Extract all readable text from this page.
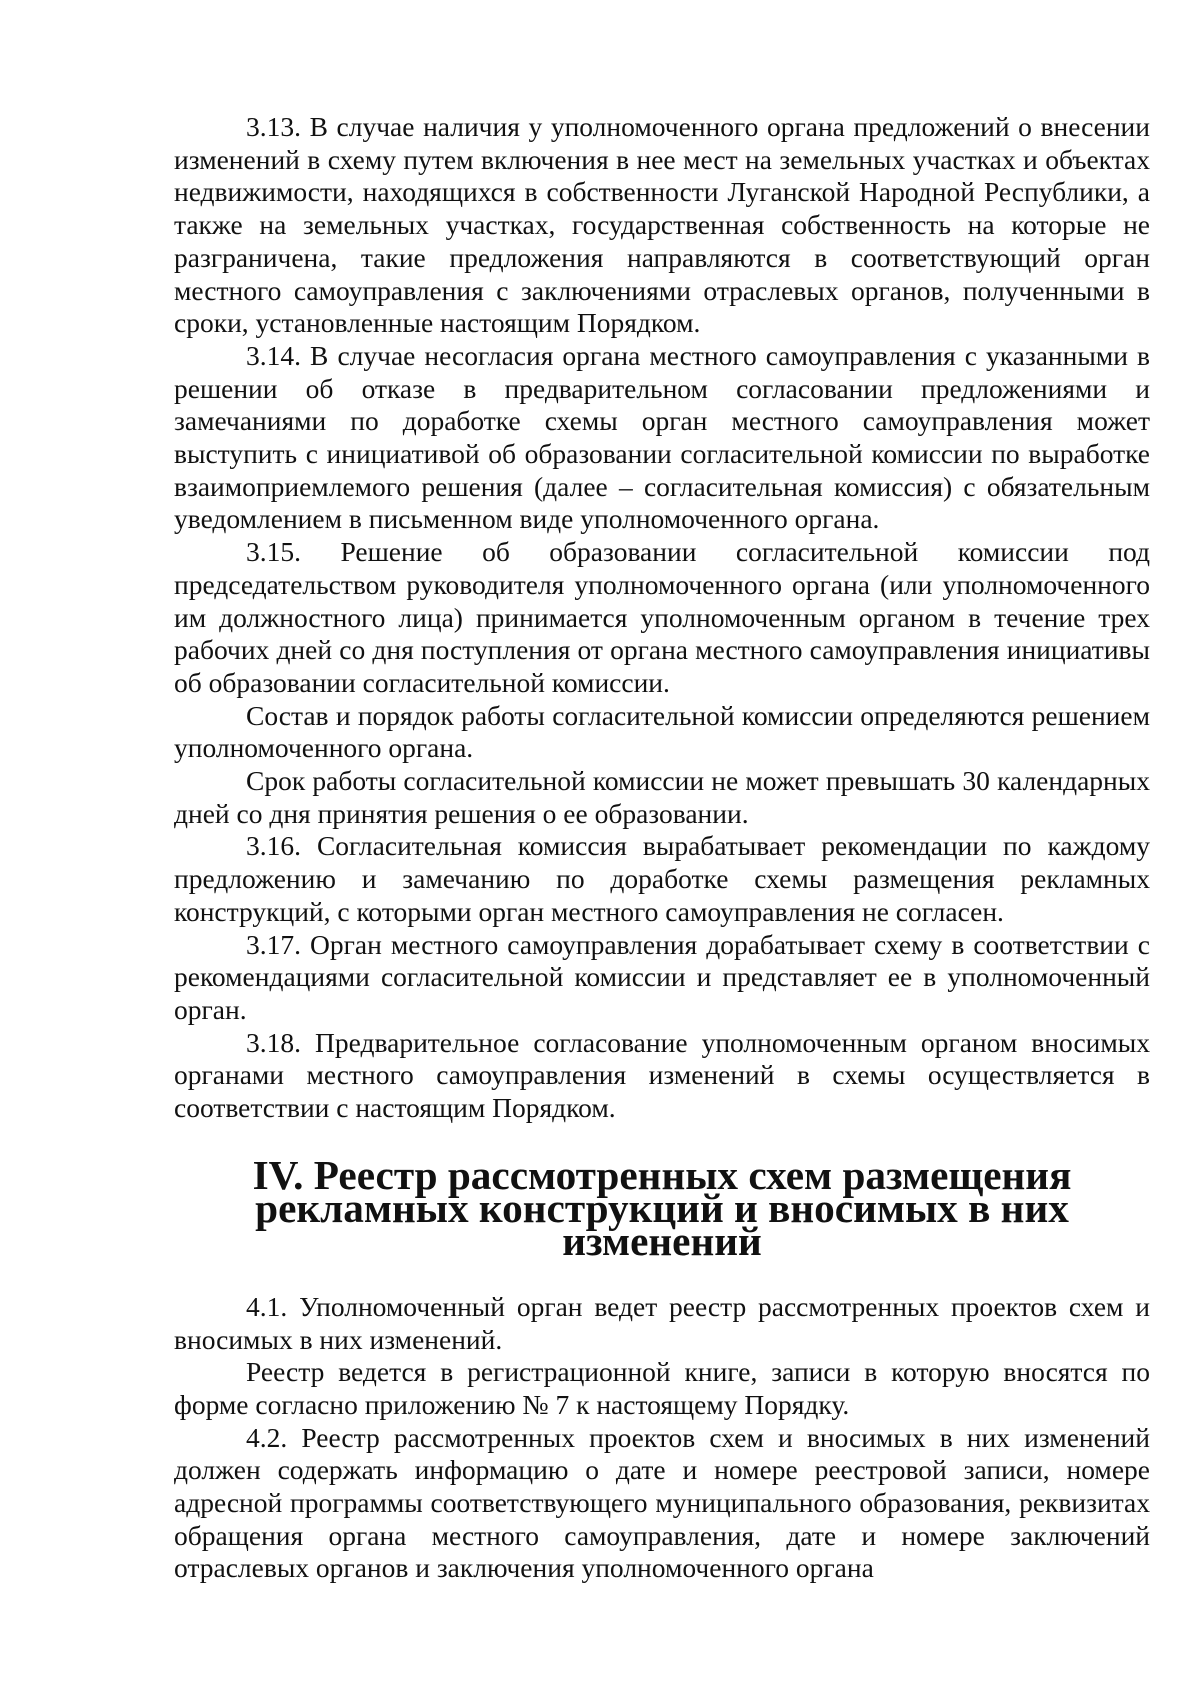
3.13. В случае наличия у уполномоченного органа предложений о внесении изменений в схему путем включения в нее мест на земельных участках и объектах недвижимости, находящихся в собственности Луганской Народной Республики, а также на земельных участках, государственная собственность на которые не разграничена, такие предложения направляются в соответствующий орган местного самоуправления с заключениями отраслевых органов, полученными в сроки, установленные настоящим Порядком.

3.14. В случае несогласия органа местного самоуправления с указанными в решении об отказе в предварительном согласовании предложениями и замечаниями по доработке схемы орган местного самоуправления может выступить с инициативой об образовании согласительной комиссии по выработке взаимоприемлемого решения (далее – согласительная комиссия) с обязательным уведомлением в письменном виде уполномоченного органа.

3.15. Решение об образовании согласительной комиссии под председательством руководителя уполномоченного органа (или уполномоченного им должностного лица) принимается уполномоченным органом в течение трех рабочих дней со дня поступления от органа местного самоуправления инициативы об образовании согласительной комиссии.

Состав и порядок работы согласительной комиссии определяются решением уполномоченного органа.

Срок работы согласительной комиссии не может превышать 30 календарных дней со дня принятия решения о ее образовании.

3.16. Согласительная комиссия вырабатывает рекомендации по каждому предложению и замечанию по доработке схемы размещения рекламных конструкций, с которыми орган местного самоуправления не согласен.

3.17. Орган местного самоуправления дорабатывает схему в соответствии с рекомендациями согласительной комиссии и представляет ее в уполномоченный орган.

3.18. Предварительное согласование уполномоченным органом вносимых органами местного самоуправления изменений в схемы осуществляется в соответствии с настоящим Порядком.

IV. Реестр рассмотренных схем размещения
рекламных конструкций и вносимых в них изменений

4.1. Уполномоченный орган ведет реестр рассмотренных проектов схем и вносимых в них изменений.

Реестр ведется в регистрационной книге, записи в которую вносятся по форме согласно приложению № 7 к настоящему Порядку.

4.2. Реестр рассмотренных проектов схем и вносимых в них изменений должен содержать информацию о дате и номере реестровой записи, номере адресной программы соответствующего муниципального образования, реквизитах обращения органа местного самоуправления, дате и номере заключений отраслевых органов и заключения уполномоченного органа
